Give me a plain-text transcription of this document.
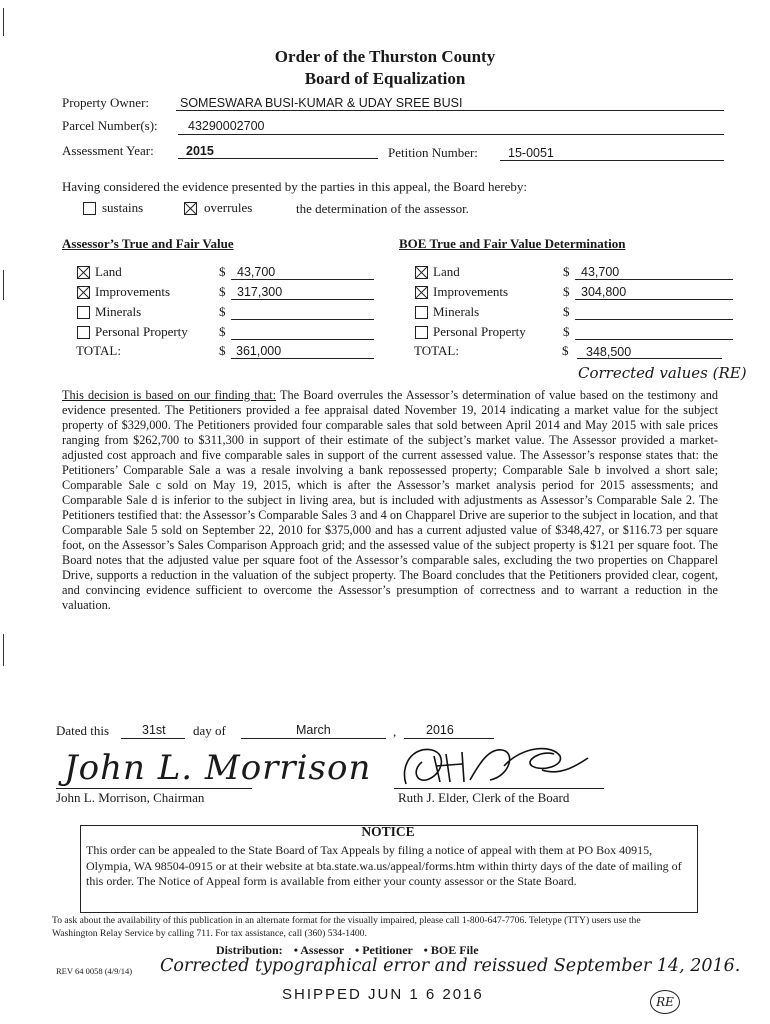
Order of the Thurston County
Board of Equalization
Property Owner: SOMESWARA BUSI-KUMAR & UDAY SREE BUSI
Parcel Number(s): 43290002700
Assessment Year:	2015	Petition Number: 15-0051
Having considered the evidence presented by the parties in this appeal, the Board hereby:
sustains	overrules	the determination of the assessor.
Assessor’s True and Fair Value
Land	$ 43,700
Improvements	$ 317,300
Minerals	$
Personal Property $
TOTAL:	$ 361,000
BOE True and Fair Value Determination
Land	$ 43,700
Improvements	$ 304,800
Minerals	$
Personal Property	$
TOTAL:	$ 348,500
Corrected values (RE)
This decision is based on our finding that: The Board overrules the Assessor’s determination of value based on the testimony and evidence presented. The Petitioners provided a fee appraisal dated November 19, 2014 indicating a market value for the subject property of $329,000. The Petitioners provided four comparable sales that sold between April 2014 and May 2015 with sale prices ranging from $262,700 to $311,300 in support of their estimate of the subject’s market value. The Assessor provided a market-adjusted cost approach and five comparable sales in support of the current assessed value. The Assessor’s response states that: the Petitioners’ Comparable Sale a was a resale involving a bank repossessed property; Comparable Sale b involved a short sale; Comparable Sale c sold on May 19, 2015, which is after the Assessor’s market analysis period for 2015 assessments; and Comparable Sale d is inferior to the subject in living area, but is included with adjustments as Assessor’s Comparable Sale 2. The Petitioners testified that: the Assessor’s Comparable Sales 3 and 4 on Chapparel Drive are superior to the subject in location, and that Comparable Sale 5 sold on September 22, 2010 for $375,000 and has a current adjusted value of $348,427, or $116.73 per square foot, on the Assessor’s Sales Comparison Approach grid; and the assessed value of the subject property is $121 per square foot. The Board notes that the adjusted value per square foot of the Assessor’s comparable sales, excluding the two properties on Chapparel Drive, supports a reduction in the valuation of the subject property. The Board concludes that the Petitioners provided clear, cogent, and convincing evidence sufficient to overcome the Assessor’s presumption of correctness and to warrant a reduction in the valuation.
Dated this	31st day of	March	, 2016
John L. Morrison
John L. Morrison, Chairman	Ruth J. Elder, Clerk of the Board
NOTICE
This order can be appealed to the State Board of Tax Appeals by filing a notice of appeal with them at PO Box 40915, Olympia, WA 98504-0915 or at their website at bta.state.wa.us/appeal/forms.htm within thirty days of the date of mailing of this order. The Notice of Appeal form is available from either your county assessor or the State Board.
To ask about the availability of this publication in an alternate format for the visually impaired, please call 1-800-647-7706. Teletype (TTY) users use the Washington Relay Service by calling 711. For tax assistance, call (360) 534-1400.
Distribution: • Assessor • Petitioner • BOE File
REV 64 0058 (4/9/14) Corrected typographical error and reissued September 14, 2016.
SHIPPED JUN 1 6 2016	RE
